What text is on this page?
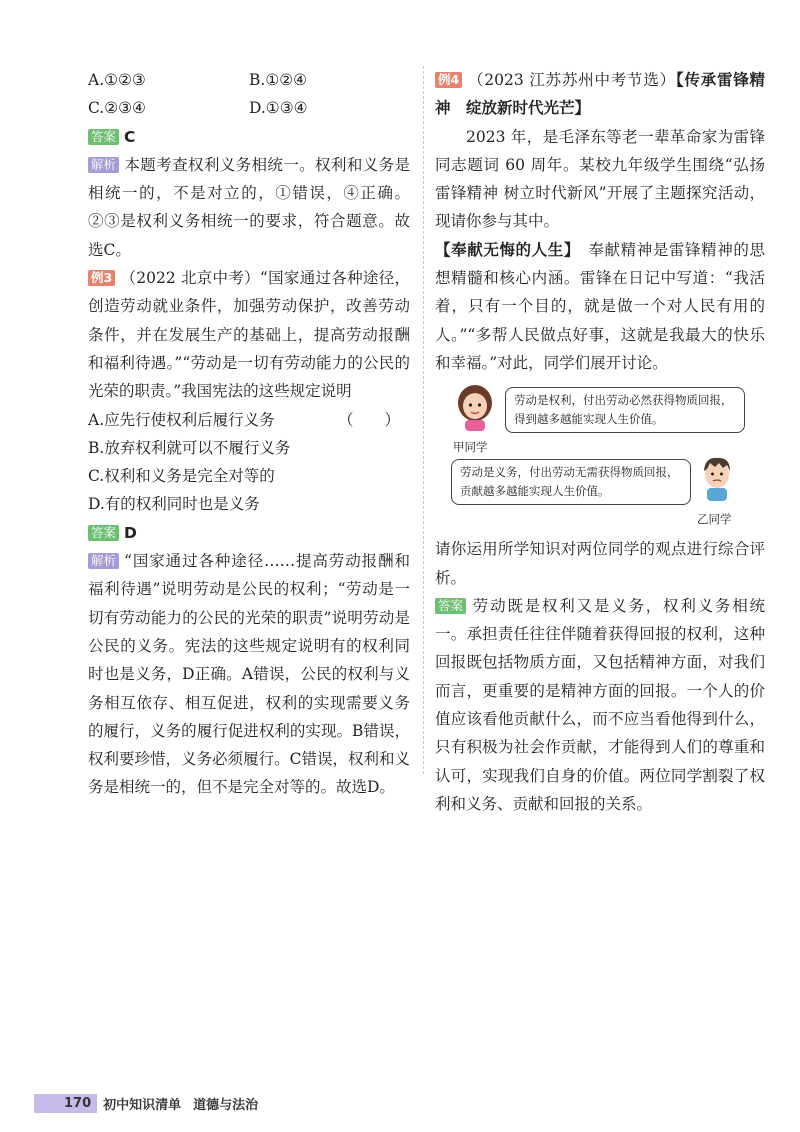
A.①②③	B.①②④
C.②③④	D.①③④

答案 C

解析 本题考查权利义务相统一。权利和义务是相统一的，不是对立的，①错误，④正确。②③是权利义务相统一的要求，符合题意。故选C。

例3 （2022 北京中考）“国家通过各种途径，创造劳动就业条件，加强劳动保护，改善劳动条件，并在发展生产的基础上，提高劳动报酬和福利待遇。”“劳动是一切有劳动能力的公民的光荣的职责。”我国宪法的这些规定说明
（　　）

A.应先行使权利后履行义务

B.放弃权利就可以不履行义务

C.权利和义务是完全对等的

D.有的权利同时也是义务

答案 D

解析 “国家通过各种途径……提高劳动报酬和福利待遇”说明劳动是公民的权利；“劳动是一切有劳动能力的公民的光荣的职责”说明劳动是公民的义务。宪法的这些规定说明有的权利同时也是义务，D正确。A错误，公民的权利与义务相互依存、相互促进，权利的实现需要义务的履行，义务的履行促进权利的实现。B错误，权利要珍惜，义务必须履行。C错误，权利和义务是相统一的，但不是完全对等的。故选D。

例4 （2023 江苏苏州中考节选）【传承雷锋精神　绽放新时代光芒】

2023 年，是毛泽东等老一辈革命家为雷锋同志题词 60 周年。某校九年级学生围绕“弘扬雷锋精神 树立时代新风”开展了主题探究活动，现请你参与其中。

【奉献无悔的人生】　 奉献精神是雷锋精神的思想精髓和核心内涵。雷锋在日记中写道：“我活着，只有一个目的，就是做一个对人民有用的人。”“多帮人民做点好事，这就是我最大的快乐和幸福。”对此，同学们展开讨论。

甲同学
劳动是权利，付出劳动必然获得物质回报，得到越多越能实现人生价值。
劳动是义务，付出劳动无需获得物质回报，贡献越多越能实现人生价值。
乙同学

请你运用所学知识对两位同学的观点进行综合评析。

答案 劳动既是权利又是义务，权利义务相统一。承担责任往往伴随着获得回报的权利，这种回报既包括物质方面，又包括精神方面，对我们而言，更重要的是精神方面的回报。一个人的价值应该看他贡献什么，而不应当看他得到什么，只有积极为社会作贡献，才能得到人们的尊重和认可，实现我们自身的价值。两位同学割裂了权利和义务、贡献和回报的关系。

170 初中知识清单 道德与法治
